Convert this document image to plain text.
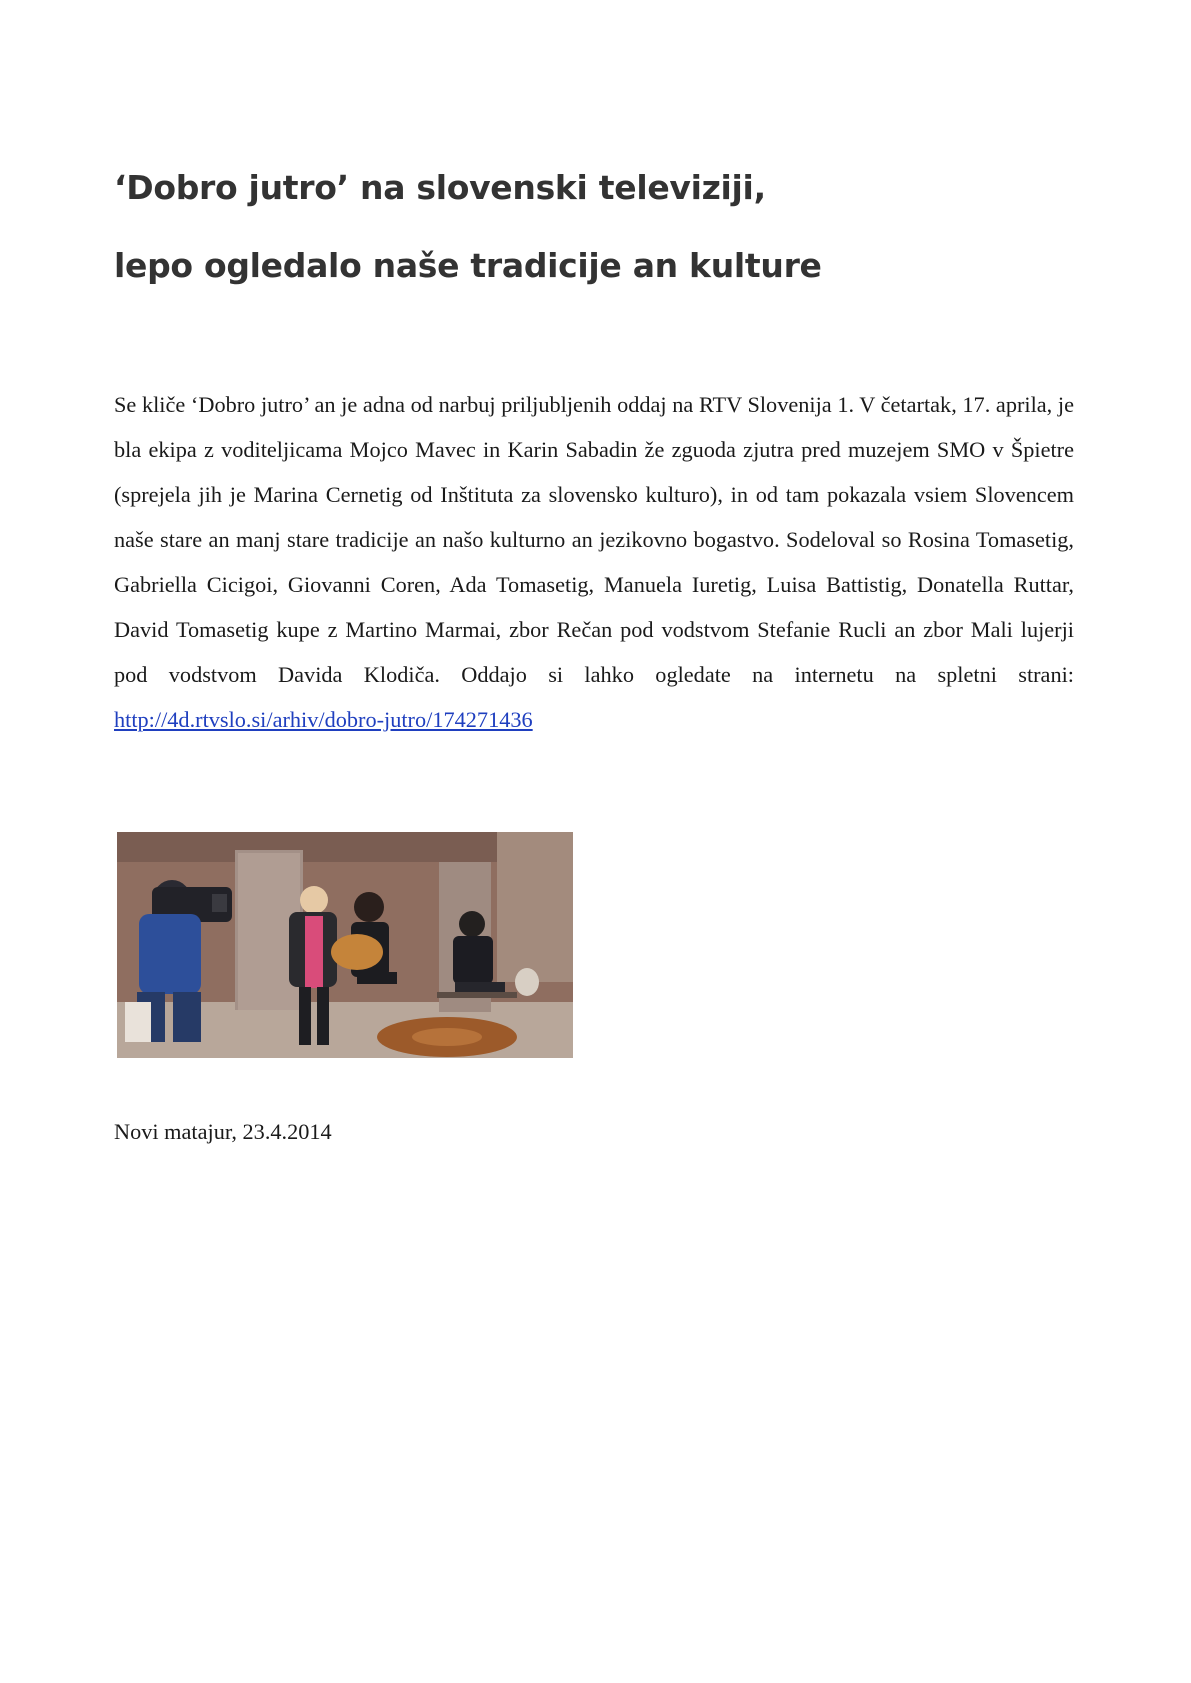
‘Dobro jutro’ na slovenski televiziji,
lepo ogledalo naše tradicije an kulture

Se kliče ‘Dobro jutro’ an je adna od narbuj priljubljenih oddaj na RTV Slovenija 1. V četartak, 17. aprila, je bla ekipa z voditeljicama Mojco Mavec in Karin Sabadin že zguoda zjutra pred muzejem SMO v Špietre (sprejela jih je Marina Cernetig od Inštituta za slovensko kulturo), in od tam pokazala vsiem Slovencem naše stare an manj stare tradicije an našo kulturno an jezikovno bogastvo. Sodeloval so Rosina Tomasetig, Gabriella Cicigoi, Giovanni Coren, Ada Tomasetig, Manuela Iuretig, Luisa Battistig, Donatella Ruttar, David Tomasetig kupe z Martino Marmai, zbor Rečan pod vodstvom Stefanie Rucli an zbor Mali lujerji pod vodstvom Davida Klodiča. Oddajo si lahko ogledate na internetu na spletni strani: http://4d.rtvslo.si/arhiv/dobro-jutro/174271436

Novi matajur, 23.4.2014
